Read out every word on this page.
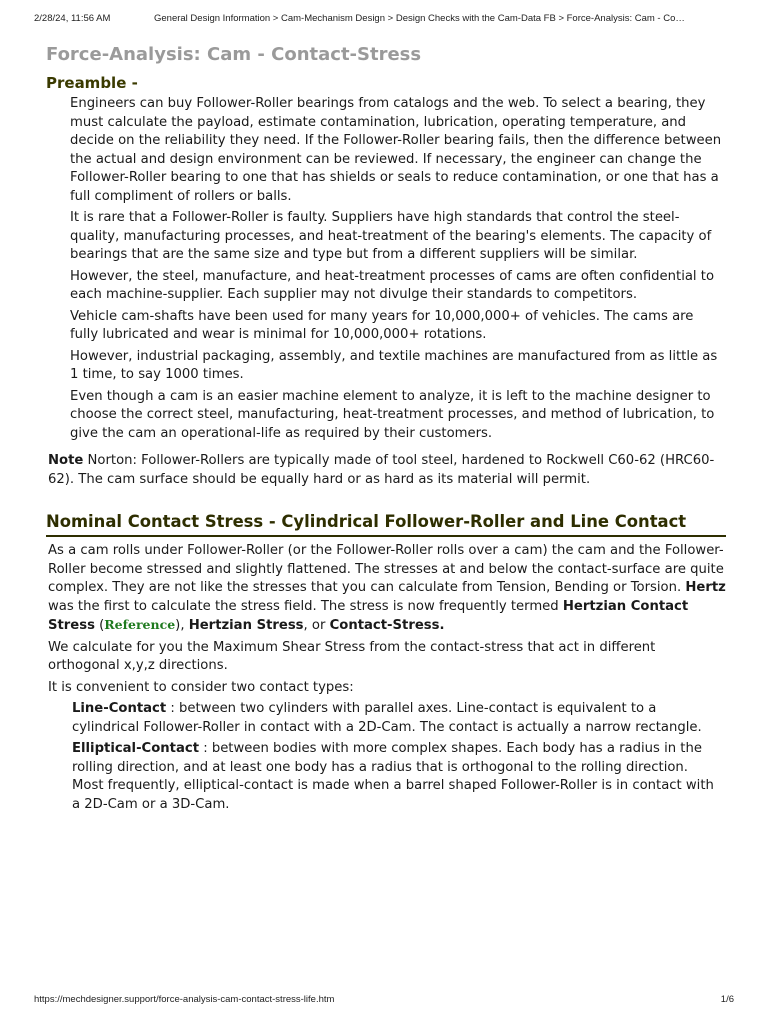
2/28/24, 11:56 AM	General Design Information > Cam-Mechanism Design > Design Checks with the Cam-Data FB > Force-Analysis: Cam - Co…
Force-Analysis: Cam - Contact-Stress
Preamble -

Engineers can buy Follower-Roller bearings from catalogs and the web. To select a bearing, they must calculate the payload, estimate contamination, lubrication, operating temperature, and decide on the reliability they need. If the Follower-Roller bearing fails, then the difference between the actual and design environment can be reviewed. If necessary, the engineer can change the Follower-Roller bearing to one that has shields or seals to reduce contamination, or one that has a full compliment of rollers or balls.

It is rare that a Follower-Roller is faulty. Suppliers have high standards that control the steel-quality, manufacturing processes, and heat-treatment of the bearing's elements. The capacity of bearings that are the same size and type but from a different suppliers will be similar.

However, the steel, manufacture, and heat-treatment processes of cams are often confidential to each machine-supplier. Each supplier may not divulge their standards to competitors.

Vehicle cam-shafts have been used for many years for 10,000,000+ of vehicles. The cams are fully lubricated and wear is minimal for 10,000,000+ rotations.

However, industrial packaging, assembly, and textile machines are manufactured from as little as 1 time, to say 1000 times.

Even though a cam is an easier machine element to analyze, it is left to the machine designer to choose the correct steel, manufacturing, heat-treatment processes, and method of lubrication, to give the cam an operational-life as required by their customers.

Note Norton: Follower-Rollers are typically made of tool steel, hardened to Rockwell C60-62 (HRC60-62). The cam surface should be equally hard or as hard as its material will permit.

Nominal Contact Stress - Cylindrical Follower-Roller and Line Contact

As a cam rolls under Follower-Roller (or the Follower-Roller rolls over a cam) the cam and the Follower-Roller become stressed and slightly flattened. The stresses at and below the contact-surface are quite complex. They are not like the stresses that you can calculate from Tension, Bending or Torsion. Hertz was the first to calculate the stress field. The stress is now frequently termed Hertzian Contact Stress (Reference), Hertzian Stress, or Contact-Stress.

We calculate for you the Maximum Shear Stress from the contact-stress that act in different orthogonal x,y,z directions.

It is convenient to consider two contact types:

Line-Contact : between two cylinders with parallel axes. Line-contact is equivalent to a cylindrical Follower-Roller in contact with a 2D-Cam. The contact is actually a narrow rectangle.

Elliptical-Contact : between bodies with more complex shapes. Each body has a radius in the rolling direction, and at least one body has a radius that is orthogonal to the rolling direction. Most frequently, elliptical-contact is made when a barrel shaped Follower-Roller is in contact with a 2D-Cam or a 3D-Cam.

https://mechdesigner.support/force-analysis-cam-contact-stress-life.htm	1/6
